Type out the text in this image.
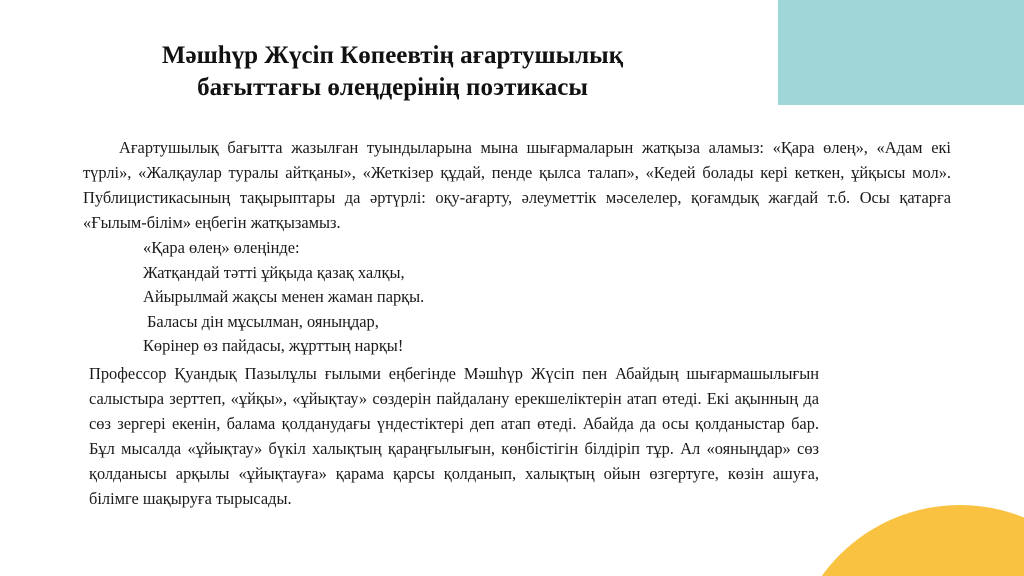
Мәшһүр Жүсіп Көпеевтің ағартушылық
бағыттағы өлеңдерінің поэтикасы

Ағартушылық бағытта жазылған туындыларына мына шығармаларын жатқыза аламыз: «Қара өлең», «Адам екі түрлі», «Жалқаулар туралы айтқаны», «Жеткізер құдай, пенде қылса талап», «Кедей болады кері кеткен, ұйқысы мол». Публицистикасының тақырыптары да әртүрлі: оқу-ағарту, әлеуметтік мәселелер, қоғамдық жағдай т.б. Осы қатарға «Ғылым-білім» еңбегін жатқызамыз.

«Қара өлең» өлеңінде:
Жатқандай тәтті ұйқыда қазақ халқы,
Айырылмай жақсы менен жаман парқы.
Баласы дін мұсылман, ояныңдар,
Көрінер өз пайдасы, жұрттың нарқы!

Профессор Қуандық Пазылұлы ғылыми еңбегінде Мәшһүр Жүсіп пен Абайдың шығармашылығын салыстыра зерттеп, «ұйқы», «ұйықтау» сөздерін пайдалану ерекшеліктерін атап өтеді. Екі ақынның да сөз зергері екенін, балама қолданудағы үндестіктері деп атап өтеді. Абайда да осы қолданыстар бар. Бұл мысалда «ұйықтау» бүкіл халықтың қараңғылығын, көнбістігін білдіріп тұр. Ал «ояныңдар» сөз қолданысы арқылы «ұйықтауға» қарама қарсы қолданып, халықтың ойын өзгертуге, көзін ашуға, білімге шақыруға тырысады.
